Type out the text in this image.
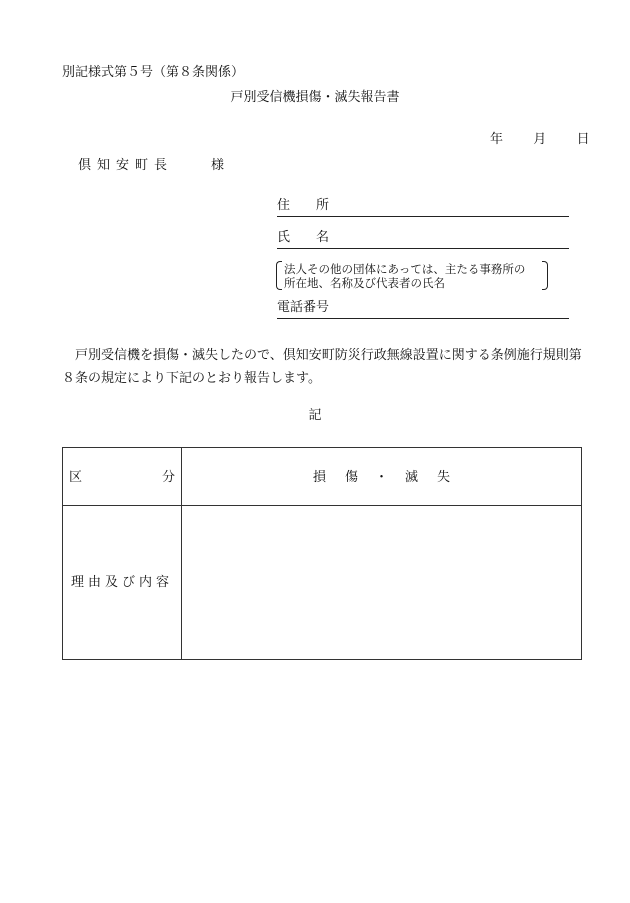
別記様式第５号（第８条関係）
戸別受信機損傷・滅失報告書
年 月 日
倶知安町長　　様
住　　所
氏　　名
法人その他の団体にあっては、主たる事務所の
所在地、名称及び代表者の氏名
電話番号
戸別受信機を損傷・滅失したので、倶知安町防災行政無線設置に関する条例施行規則第８条の規定により下記のとおり報告します。
記
区	分	損　傷 ・ 滅　失
理由及び内容
